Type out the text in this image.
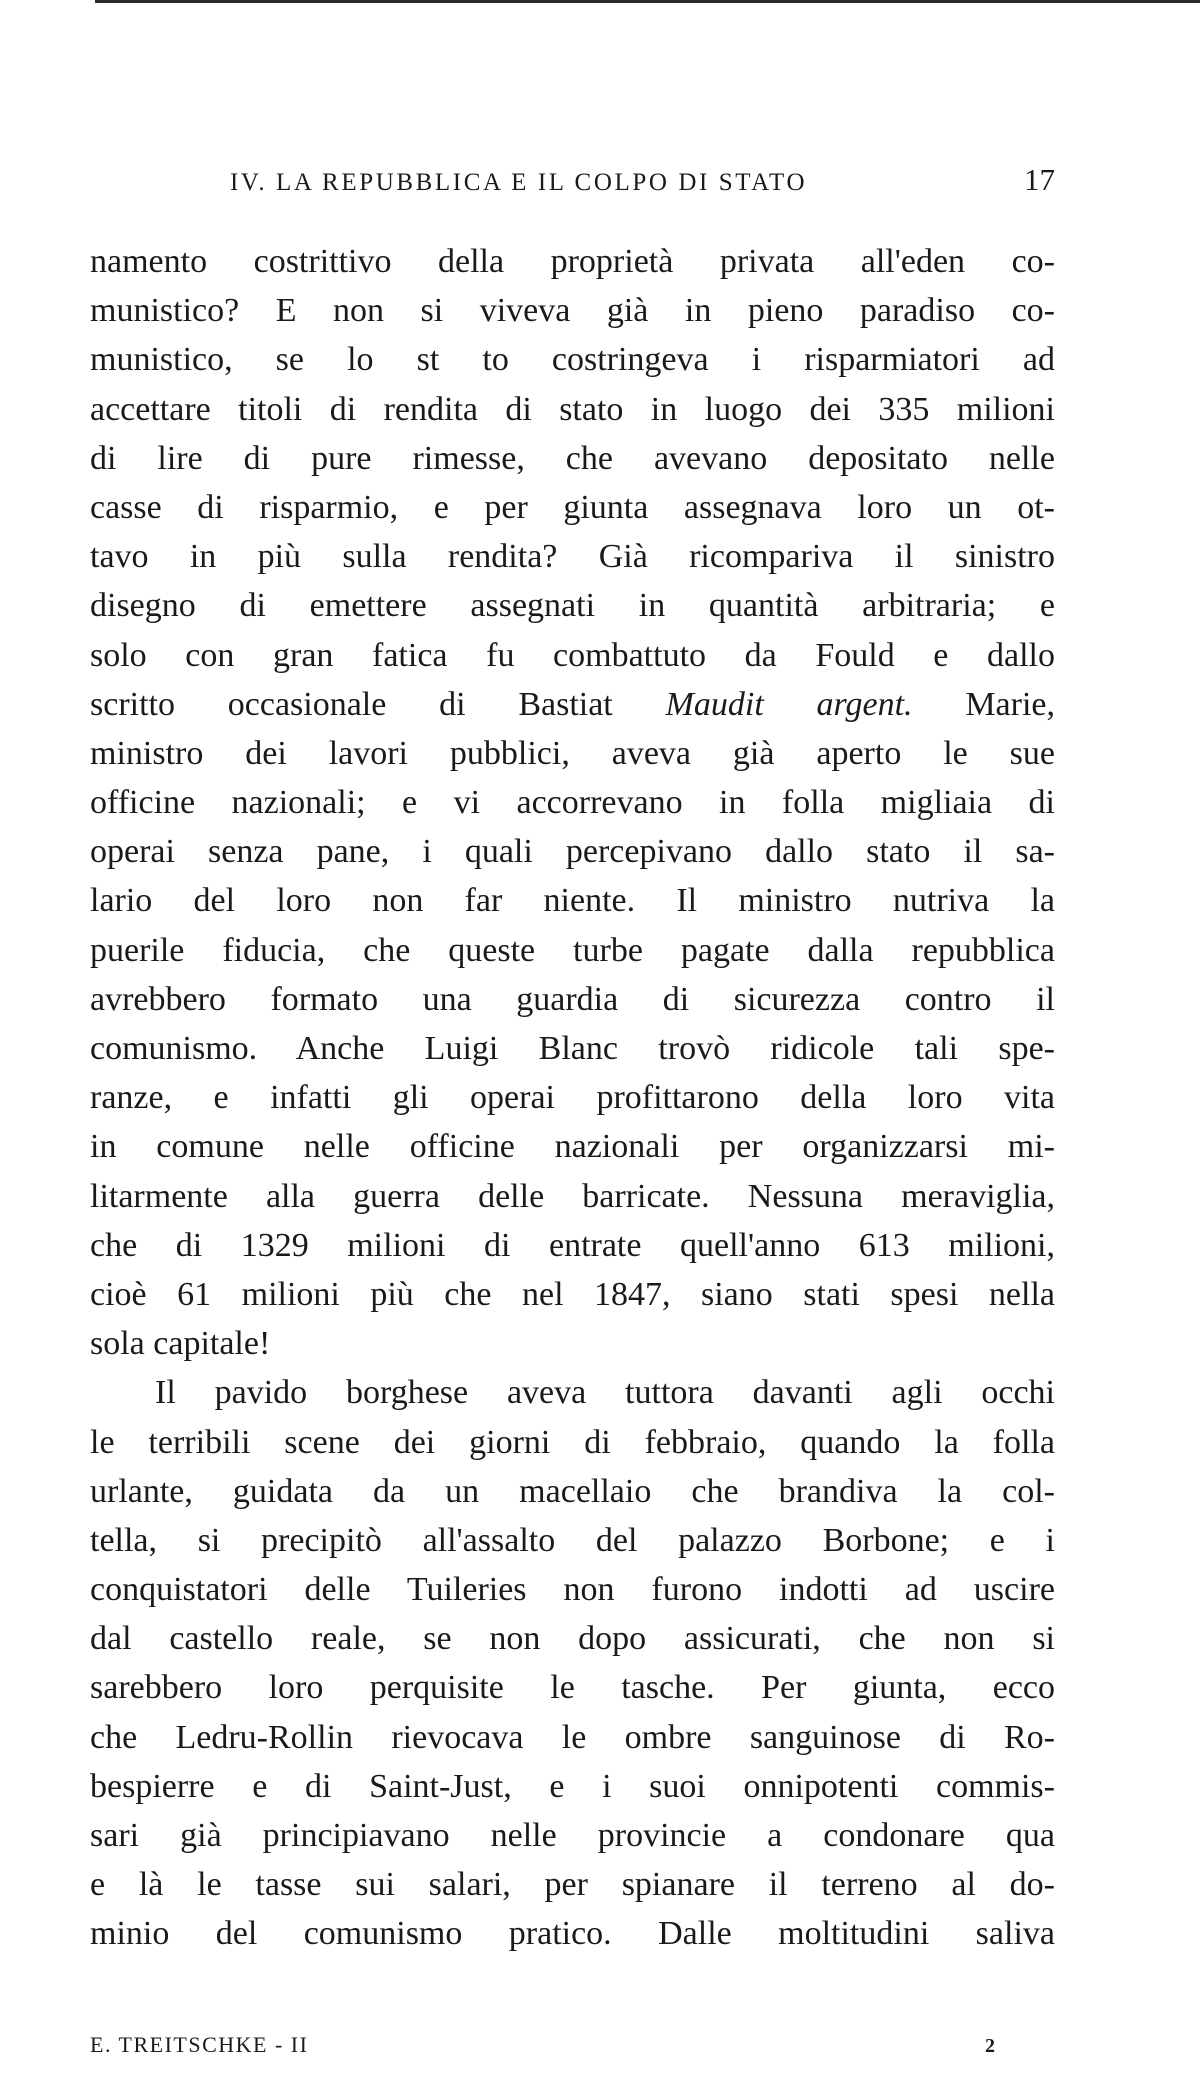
IV. LA REPUBBLICA E IL COLPO DI STATO	17
namento costrittivo della proprietà privata all'eden co-
munistico? E non si viveva già in pieno paradiso co-
munistico, se lo st to costringeva i risparmiatori ad
accettare titoli di rendita di stato in luogo dei 335 milioni
di lire di pure rimesse, che avevano depositato nelle
casse di risparmio, e per giunta assegnava loro un ot-
tavo in più sulla rendita? Già ricompariva il sinistro
disegno di emettere assegnati in quantità arbitraria; e
solo con gran fatica fu combattuto da Fould e dallo
scritto occasionale di Bastiat Maudit argent. Marie,
ministro dei lavori pubblici, aveva già aperto le sue
officine nazionali; e vi accorrevano in folla migliaia di
operai senza pane, i quali percepivano dallo stato il sa-
lario del loro non far niente. Il ministro nutriva la
puerile fiducia, che queste turbe pagate dalla repubblica
avrebbero formato una guardia di sicurezza contro il
comunismo. Anche Luigi Blanc trovò ridicole tali spe-
ranze, e infatti gli operai profittarono della loro vita
in comune nelle officine nazionali per organizzarsi mi-
litarmente alla guerra delle barricate. Nessuna meraviglia,
che di 1329 milioni di entrate quell'anno 613 milioni,
cioè 61 milioni più che nel 1847, siano stati spesi nella
sola capitale!
Il pavido borghese aveva tuttora davanti agli occhi
le terribili scene dei giorni di febbraio, quando la folla
urlante, guidata da un macellaio che brandiva la col-
tella, si precipitò all'assalto del palazzo Borbone; e i
conquistatori delle Tuileries non furono indotti ad uscire
dal castello reale, se non dopo assicurati, che non si
sarebbero loro perquisite le tasche. Per giunta, ecco
che Ledru-Rollin rievocava le ombre sanguinose di Ro-
bespierre e di Saint-Just, e i suoi onnipotenti commis-
sari già principiavano nelle provincie a condonare qua
e là le tasse sui salari, per spianare il terreno al do-
minio del comunismo pratico. Dalle moltitudini saliva
E. TREITSCHKE - II	2
